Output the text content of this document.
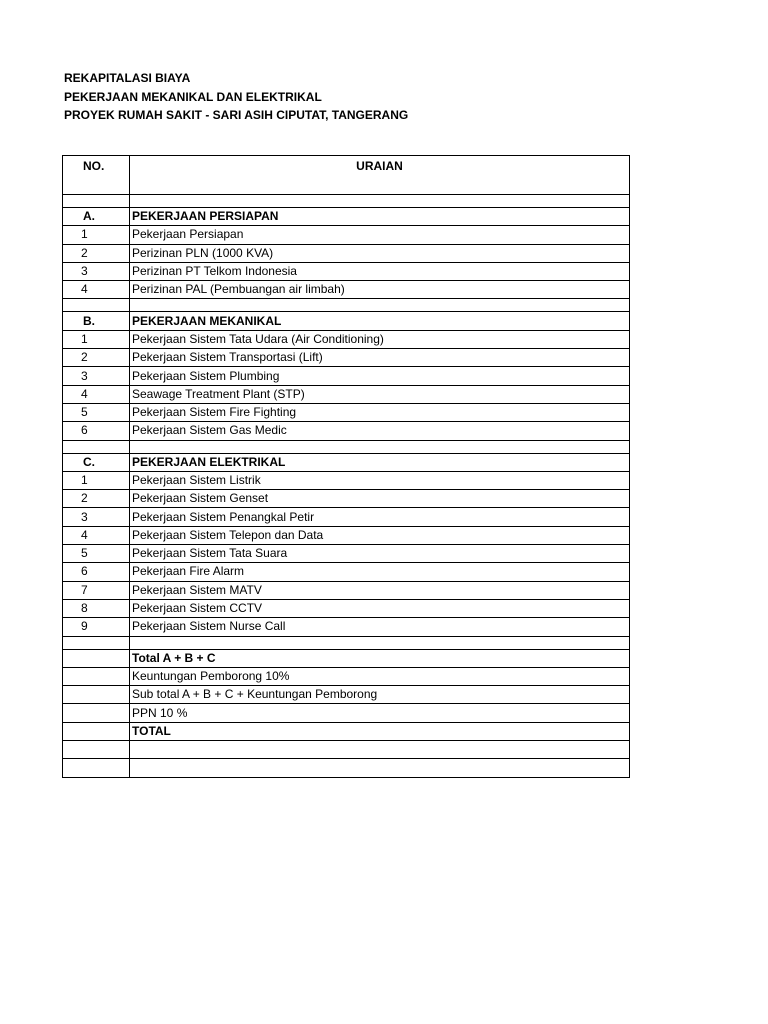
REKAPITALASI BIAYA
PEKERJAAN MEKANIKAL DAN ELEKTRIKAL
PROYEK RUMAH SAKIT - SARI ASIH CIPUTAT, TANGERANG
NO.	URAIAN

A.	PEKERJAAN PERSIAPAN
1	Pekerjaan Persiapan
2	Perizinan PLN (1000 KVA)
3	Perizinan PT Telkom Indonesia
4	Perizinan PAL (Pembuangan air limbah)

B.	PEKERJAAN MEKANIKAL
1	Pekerjaan Sistem Tata Udara (Air Conditioning)
2	Pekerjaan Sistem Transportasi (Lift)
3	Pekerjaan Sistem Plumbing
4	Seawage Treatment Plant (STP)
5	Pekerjaan Sistem Fire Fighting
6	Pekerjaan Sistem Gas Medic

C.	PEKERJAAN ELEKTRIKAL
1	Pekerjaan Sistem Listrik
2	Pekerjaan Sistem Genset
3	Pekerjaan Sistem Penangkal Petir
4	Pekerjaan Sistem Telepon dan Data
5	Pekerjaan Sistem Tata Suara
6	Pekerjaan Fire Alarm
7	Pekerjaan Sistem MATV
8	Pekerjaan Sistem CCTV
9	Pekerjaan Sistem Nurse Call

	Total A + B + C
	Keuntungan Pemborong 10%
	Sub total A + B + C + Keuntungan Pemborong
	PPN 10 %
	TOTAL
